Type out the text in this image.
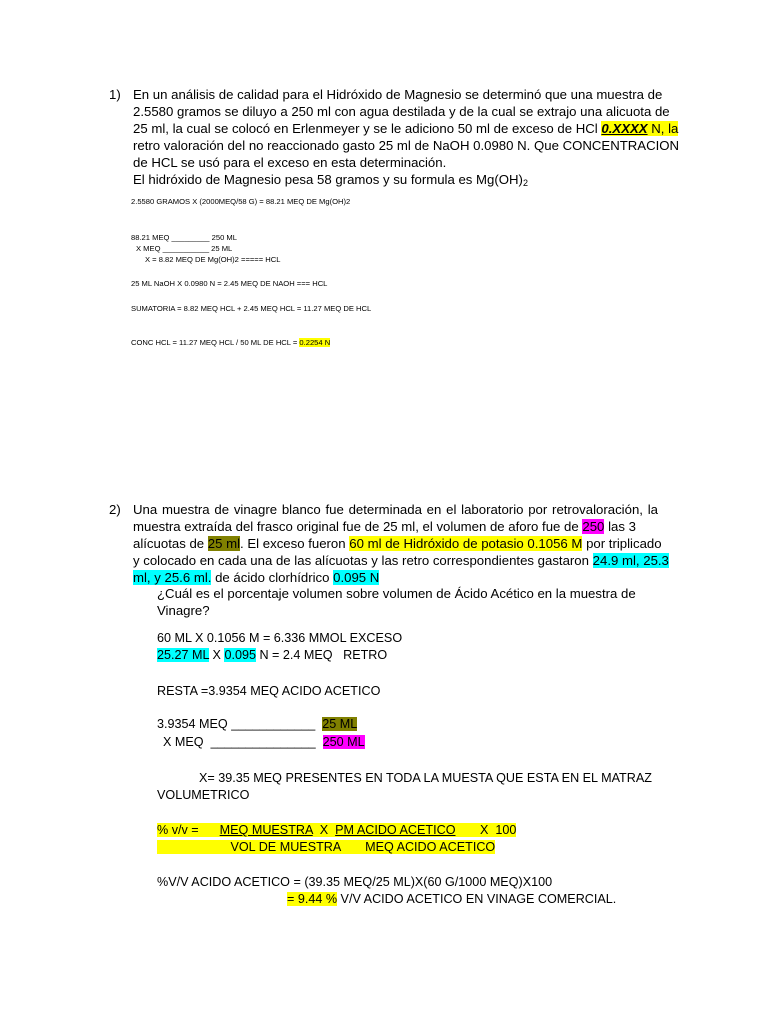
1) En un análisis de calidad para el Hidróxido de Magnesio se determinó que una muestra de
2.5580 gramos se diluyo a 250 ml con agua destilada y de la cual se extrajo una alicuota de
25 ml, la cual se colocó en Erlenmeyer y se le adiciono 50 ml de exceso de HCl 0.XXXX N, la
retro valoración del no reaccionado gasto 25 ml de NaOH 0.0980 N. Que CONCENTRACION
de HCL se usó para el exceso en esta determinación.
El hidróxido de Magnesio pesa 58 gramos y su formula es $Mg(OH)_2$
2.5580 GRAMOS X (2000MEQ/58 G) = 88.21 MEQ DE Mg(OH)2
88.21 MEQ _________ 250 ML
X MEQ ___________ 25 ML
X = 8.82 MEQ DE Mg(OH)2 ===== HCL
25 ML NaOH X 0.0980 N = 2.45 MEQ DE NAOH === HCL
SUMATORIA = 8.82 MEQ HCL + 2.45 MEQ HCL = 11.27 MEQ DE HCL
CONC HCL = 11.27 MEQ HCL / 50 ML DE HCL = 0.2254 N
2) Una muestra de vinagre blanco fue determinada en el laboratorio por retrovaloración, la
muestra extraída del frasco original fue de 25 ml, el volumen de aforo fue de 250 las 3
alícuotas de 25 ml. El exceso fueron 60 ml de Hidróxido de potasio 0.1056 M por triplicado
y colocado en cada una de las alícuotas y las retro correspondientes gastaron 24.9 ml, 25.3
ml, y 25.6 ml. de ácido clorhídrico 0.095 N
¿Cuál es el porcentaje volumen sobre volumen de Ácido Acético en la muestra de
Vinagre?
60 ML X 0.1056 M = 6.336 MMOL EXCESO
25.27 ML X 0.095 N = 2.4 MEQ   RETRO
RESTA =3.9354 MEQ ACIDO ACETICO
3.9354 MEQ ____________  25 ML
X MEQ  _______________  250 ML
X= 39.35 MEQ PRESENTES EN TODA LA MUESTA QUE ESTA EN EL MATRAZ
VOLUMETRICO
% v/v =      MEQ MUESTRA  X  PM ACIDO ACETICO       X  100
VOL DE MUESTRA       MEQ ACIDO ACETICO
%V/V ACIDO ACETICO = (39.35 MEQ/25 ML)X(60 G/1000 MEQ)X100
= 9.44 % V/V ACIDO ACETICO EN VINAGE COMERCIAL.
